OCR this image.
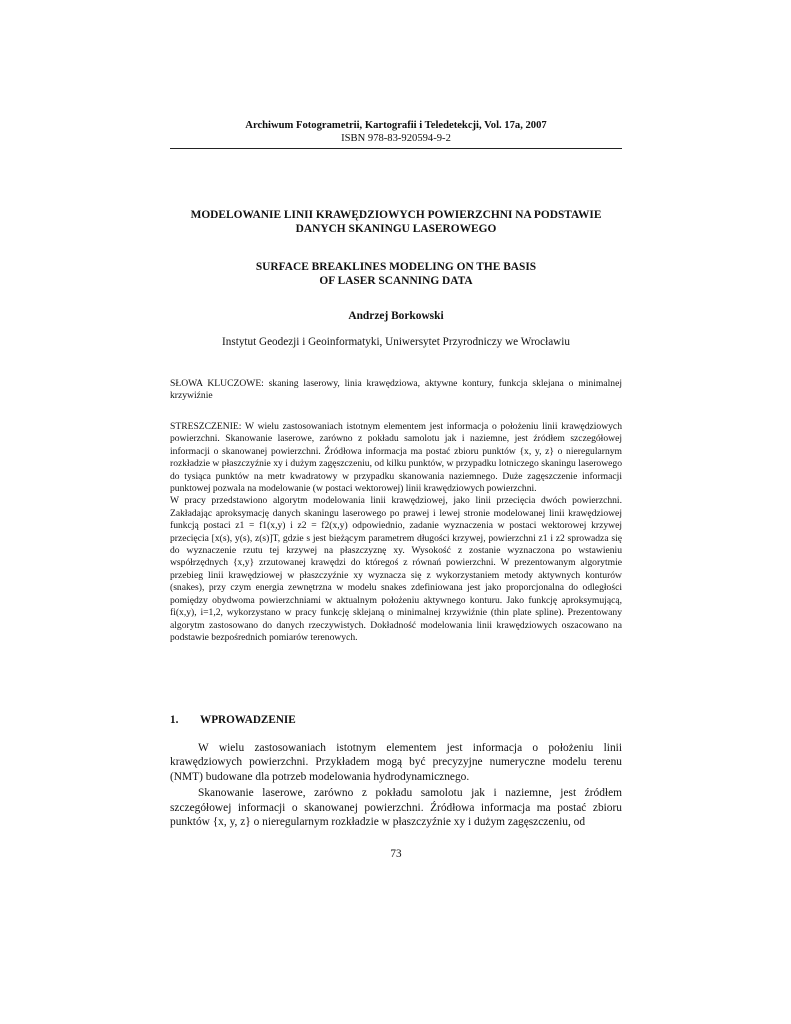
Archiwum Fotogrametrii, Kartografii i Teledetekcji, Vol. 17a, 2007
ISBN 978-83-920594-9-2
MODELOWANIE LINII KRAWĘDZIOWYCH POWIERZCHNI NA PODSTAWIE
DANYCH SKANINGU LASEROWEGO
SURFACE BREAKLINES MODELING ON THE BASIS
OF LASER SCANNING DATA
Andrzej Borkowski
Instytut Geodezji i Geoinformatyki, Uniwersytet Przyrodniczy we Wrocławiu
SŁOWA KLUCZOWE: skaning laserowy, linia krawędziowa, aktywne kontury, funkcja sklejana o minimalnej krzywiźnie

STRESZCZENIE: W wielu zastosowaniach istotnym elementem jest informacja o położeniu linii krawędziowych powierzchni. Skanowanie laserowe, zarówno z pokładu samolotu jak i naziemne, jest źródłem szczegółowej informacji o skanowanej powierzchni. Źródłowa informacja ma postać zbioru punktów {x, y, z} o nieregularnym rozkładzie w płaszczyźnie xy i dużym zagęszczeniu, od kilku punktów, w przypadku lotniczego skaningu laserowego do tysiąca punktów na metr kwadratowy w przypadku skanowania naziemnego. Duże zagęszczenie informacji punktowej pozwala na modelowanie (w postaci wektorowej) linii krawędziowych powierzchni.

W pracy przedstawiono algorytm modelowania linii krawędziowej, jako linii przecięcia dwóch powierzchni. Zakładając aproksymację danych skaningu laserowego po prawej i lewej stronie modelowanej linii krawędziowej funkcją postaci z1 = f1(x,y) i z2 = f2(x,y) odpowiednio, zadanie wyznaczenia w postaci wektorowej krzywej przecięcia [x(s), y(s), z(s)]T, gdzie s jest bieżącym parametrem długości krzywej, powierzchni z1 i z2 sprowadza się do wyznaczenie rzutu tej krzywej na płaszczyznę xy. Wysokość z zostanie wyznaczona po wstawieniu współrzędnych {x,y} zrzutowanej krawędzi do któregoś z równań powierzchni. W prezentowanym algorytmie przebieg linii krawędziowej w płaszczyźnie xy wyznacza się z wykorzystaniem metody aktywnych konturów (snakes), przy czym energia zewnętrzna w modelu snakes zdefiniowana jest jako proporcjonalna do odległości pomiędzy obydwoma powierzchniami w aktualnym położeniu aktywnego konturu. Jako funkcję aproksymującą, fi(x,y), i=1,2, wykorzystano w pracy funkcję sklejaną o minimalnej krzywiźnie (thin plate spline). Prezentowany algorytm zastosowano do danych rzeczywistych. Dokładność modelowania linii krawędziowych oszacowano na podstawie bezpośrednich pomiarów terenowych.

1. WPROWADZENIE

W wielu zastosowaniach istotnym elementem jest informacja o położeniu linii krawędziowych powierzchni. Przykładem mogą być precyzyjne numeryczne modelu terenu (NMT) budowane dla potrzeb modelowania hydrodynamicznego.

Skanowanie laserowe, zarówno z pokładu samolotu jak i naziemne, jest źródłem szczegółowej informacji o skanowanej powierzchni. Źródłowa informacja ma postać zbioru punktów {x, y, z} o nieregularnym rozkładzie w płaszczyźnie xy i dużym zagęszczeniu, od

73
